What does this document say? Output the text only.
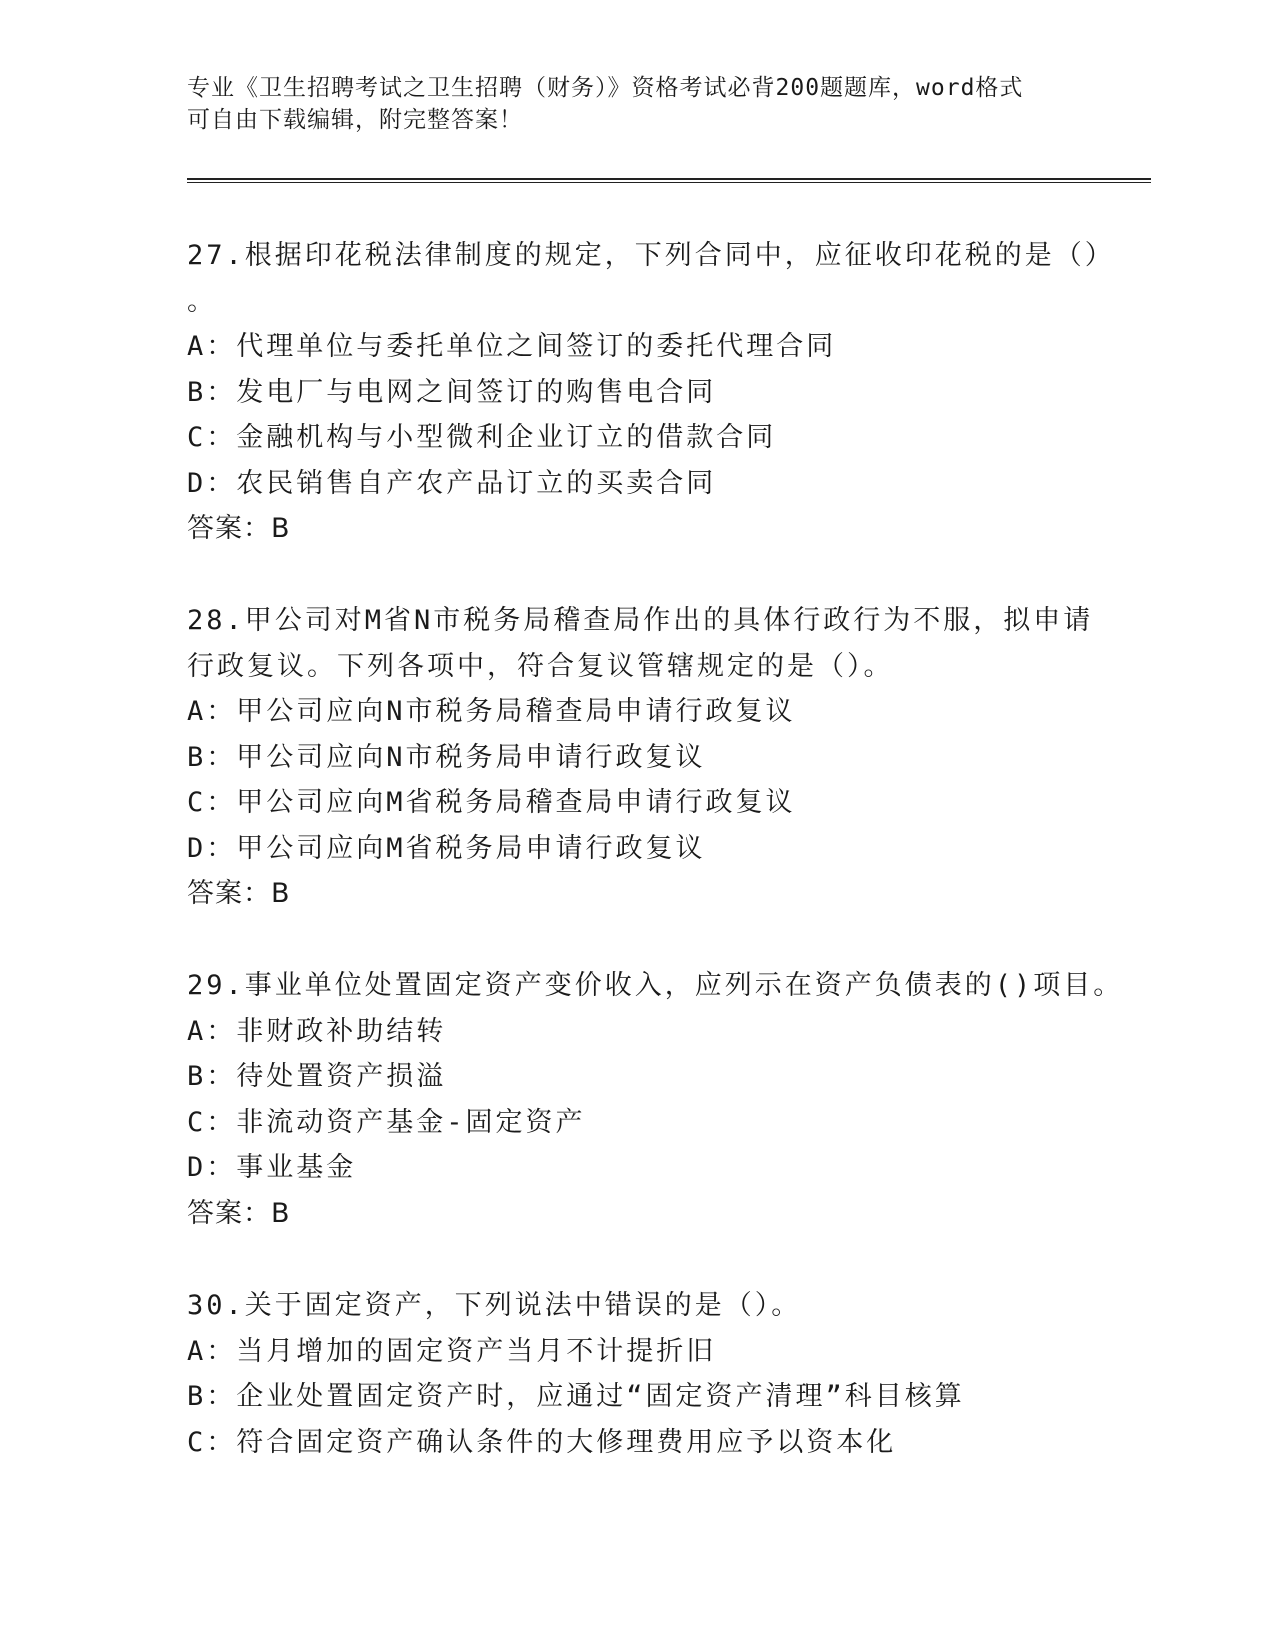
专业《卫生招聘考试之卫生招聘（财务）》资格考试必背200题题库，word格式
可自由下载编辑，附完整答案！
27.根据印花税法律制度的规定，下列合同中，应征收印花税的是（）
。
A：代理单位与委托单位之间签订的委托代理合同
B：发电厂与电网之间签订的购售电合同
C：金融机构与小型微利企业订立的借款合同
D：农民销售自产农产品订立的买卖合同
答案：B
28.甲公司对M省N市税务局稽查局作出的具体行政行为不服，拟申请
行政复议。下列各项中，符合复议管辖规定的是（）。
A：甲公司应向N市税务局稽查局申请行政复议
B：甲公司应向N市税务局申请行政复议
C：甲公司应向M省税务局稽查局申请行政复议
D：甲公司应向M省税务局申请行政复议
答案：B
29.事业单位处置固定资产变价收入，应列示在资产负债表的()项目。
A：非财政补助结转
B：待处置资产损溢
C：非流动资产基金-固定资产
D：事业基金
答案：B
30.关于固定资产，下列说法中错误的是（）。
A：当月增加的固定资产当月不计提折旧
B：企业处置固定资产时，应通过“固定资产清理”科目核算
C：符合固定资产确认条件的大修理费用应予以资本化
